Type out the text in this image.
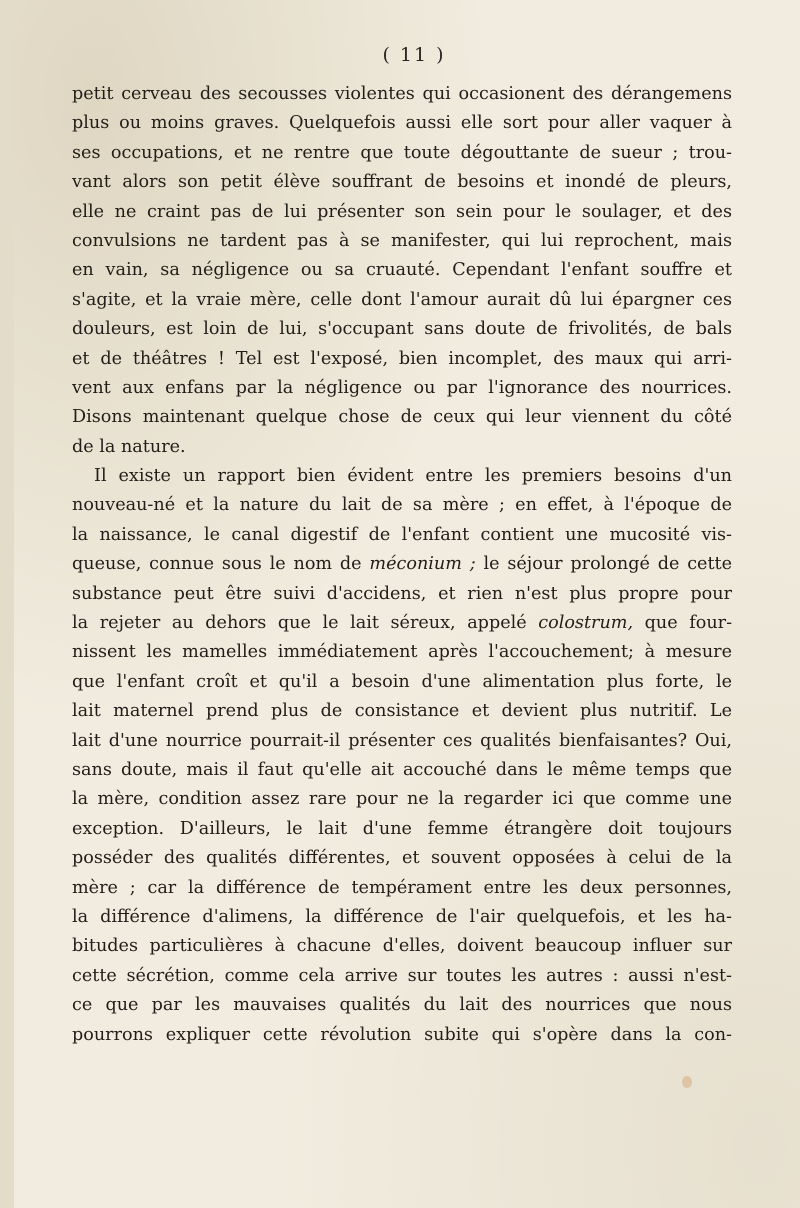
( 11 )
petit cerveau des secousses violentes qui occasionent des dérangemens
plus ou moins graves. Quelquefois aussi elle sort pour aller vaquer à
ses occupations, et ne rentre que toute dégouttante de sueur ; trou-
vant alors son petit élève souffrant de besoins et inondé de pleurs,
elle ne craint pas de lui présenter son sein pour le soulager, et des
convulsions ne tardent pas à se manifester, qui lui reprochent, mais
en vain, sa négligence ou sa cruauté. Cependant l'enfant souffre et
s'agite, et la vraie mère, celle dont l'amour aurait dû lui épargner ces
douleurs, est loin de lui, s'occupant sans doute de frivolités, de bals
et de théâtres ! Tel est l'exposé, bien incomplet, des maux qui arri-
vent aux enfans par la négligence ou par l'ignorance des nourrices.
Disons maintenant quelque chose de ceux qui leur viennent du côté
de la nature.
Il existe un rapport bien évident entre les premiers besoins d'un
nouveau-né et la nature du lait de sa mère ; en effet, à l'époque de
la naissance, le canal digestif de l'enfant contient une mucosité vis-
queuse, connue sous le nom de méconium ; le séjour prolongé de cette
substance peut être suivi d'accidens, et rien n'est plus propre pour
la rejeter au dehors que le lait séreux, appelé colostrum, que four-
nissent les mamelles immédiatement après l'accouchement; à mesure
que l'enfant croît et qu'il a besoin d'une alimentation plus forte, le
lait maternel prend plus de consistance et devient plus nutritif. Le
lait d'une nourrice pourrait-il présenter ces qualités bienfaisantes? Oui,
sans doute, mais il faut qu'elle ait accouché dans le même temps que
la mère, condition assez rare pour ne la regarder ici que comme une
exception. D'ailleurs, le lait d'une femme étrangère doit toujours
posséder des qualités différentes, et souvent opposées à celui de la
mère ; car la différence de tempérament entre les deux personnes,
la différence d'alimens, la différence de l'air quelquefois, et les ha-
bitudes particulières à chacune d'elles, doivent beaucoup influer sur
cette sécrétion, comme cela arrive sur toutes les autres : aussi n'est-
ce que par les mauvaises qualités du lait des nourrices que nous
pourrons expliquer cette révolution subite qui s'opère dans la con-
